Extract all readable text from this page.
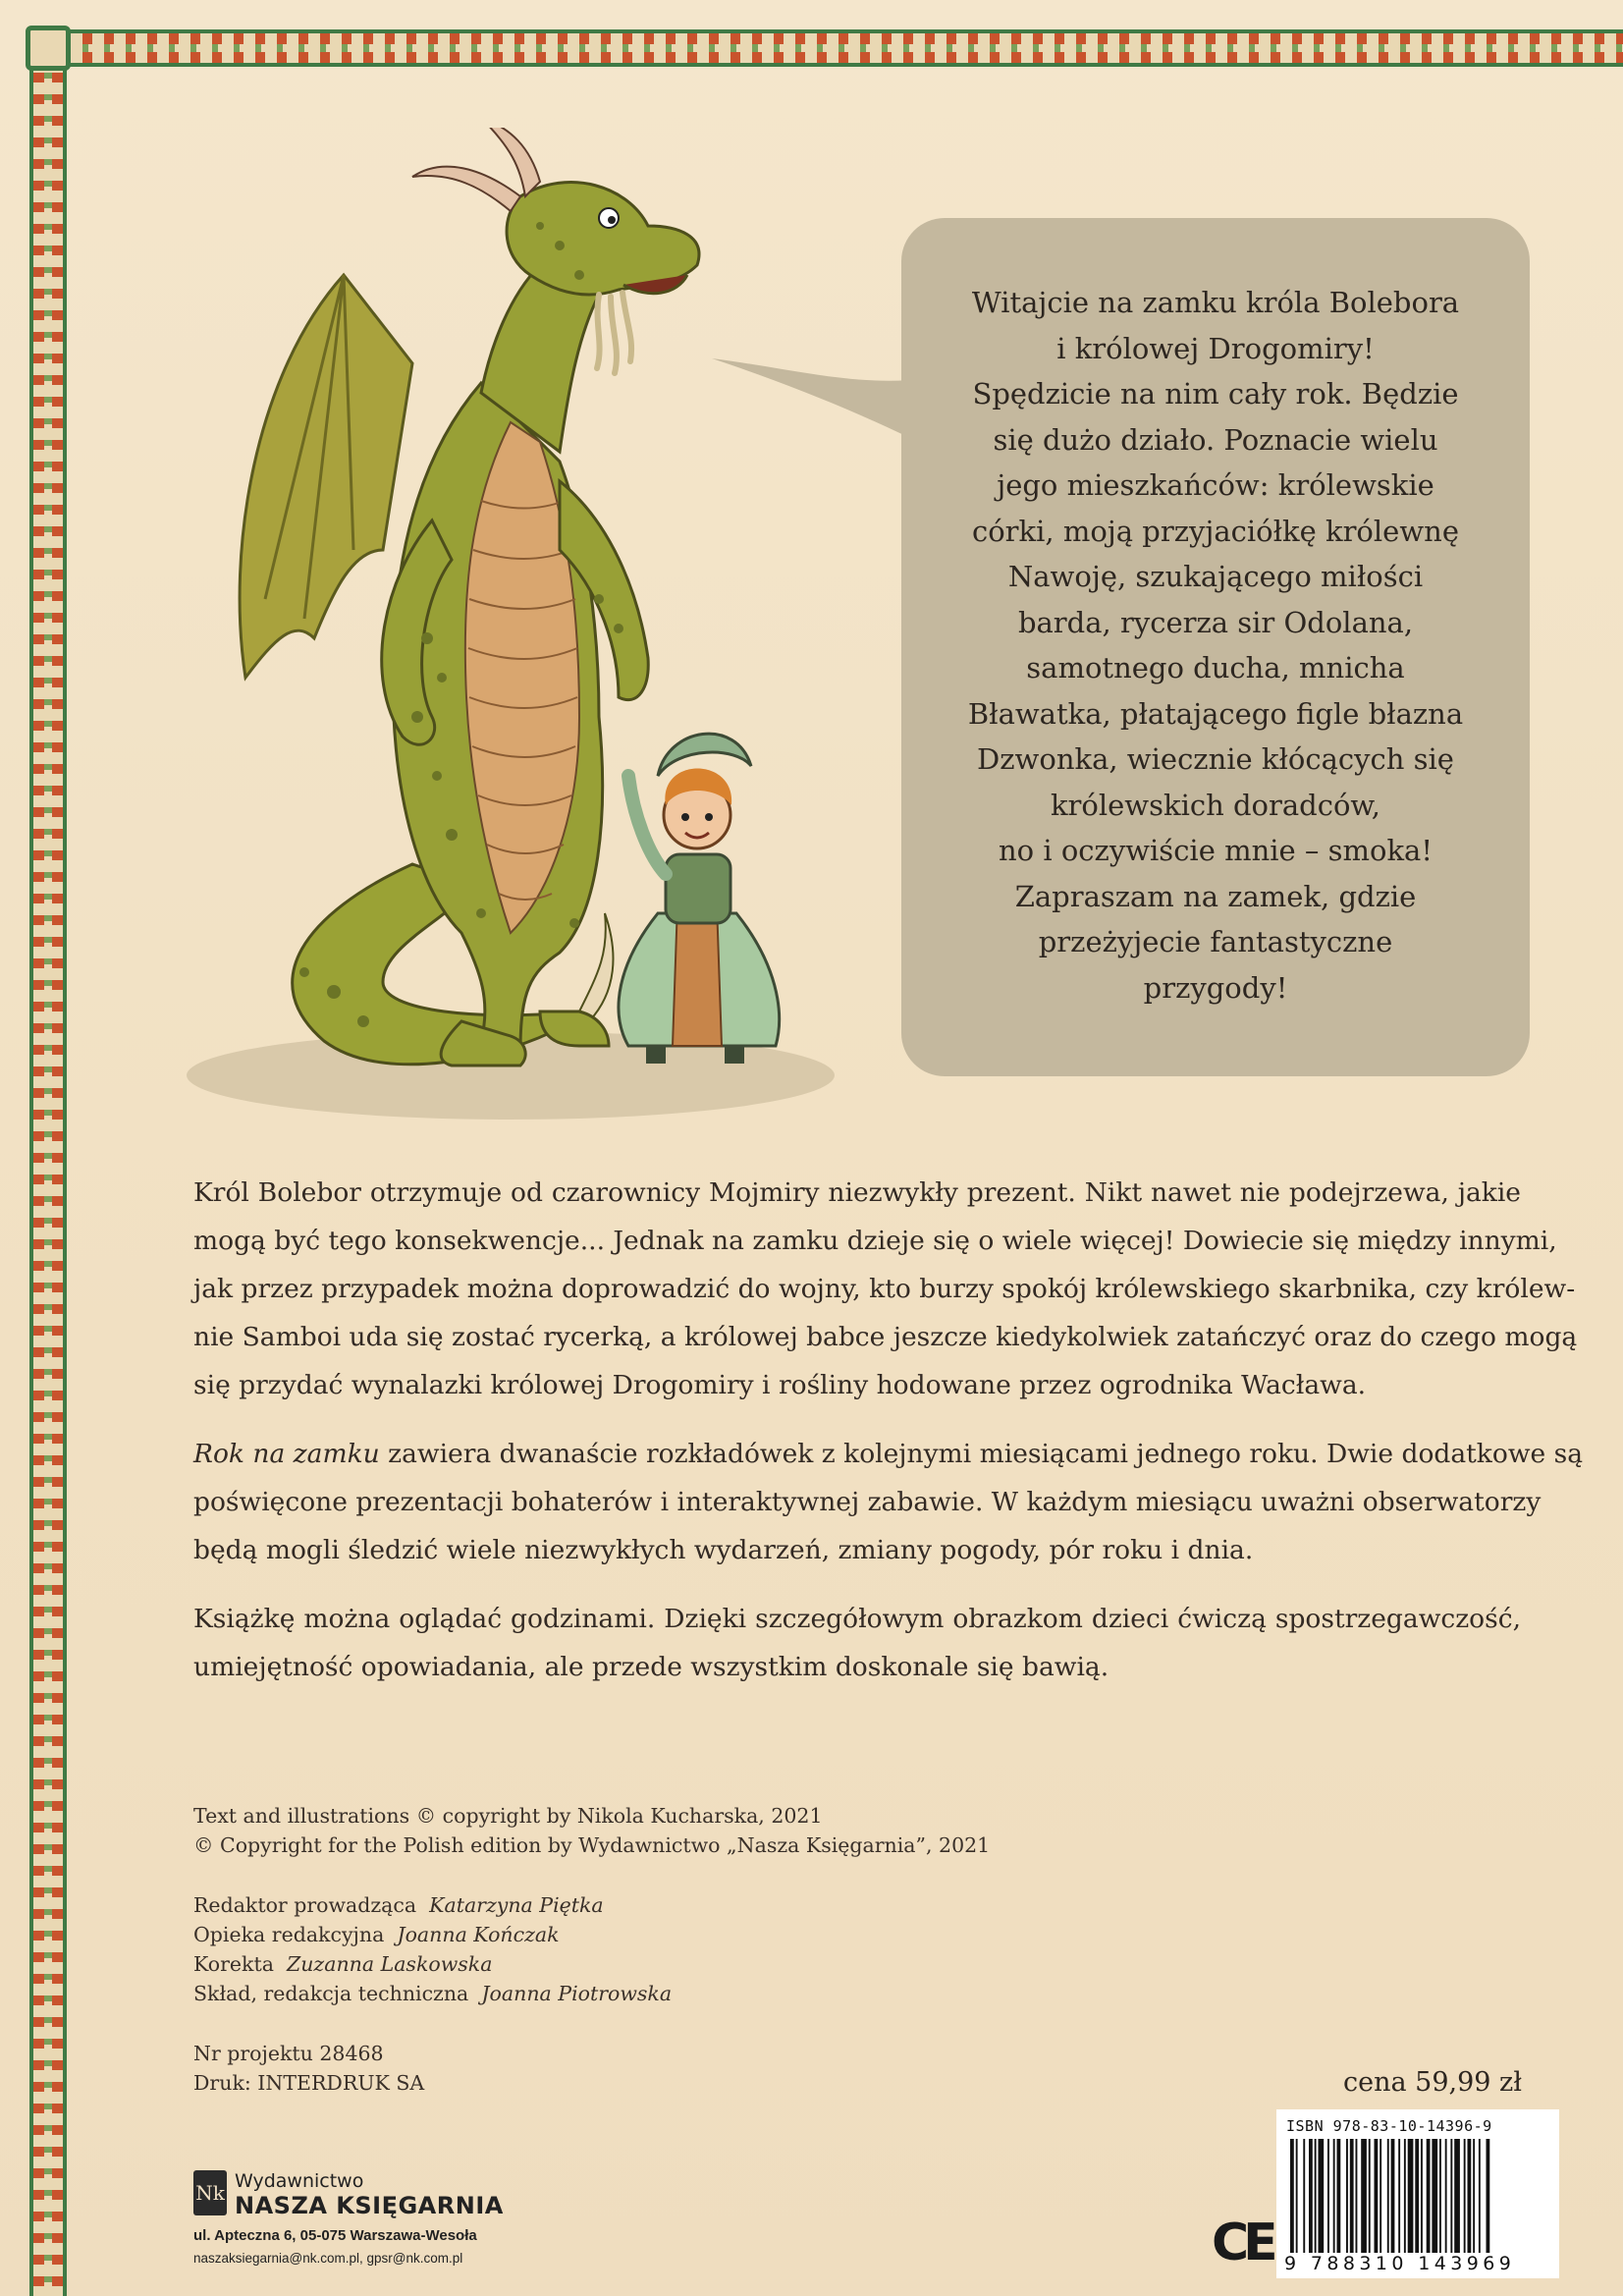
Witajcie na zamku króla Bolebora
i królowej Drogomiry!
Spędzicie na nim cały rok. Będzie
się dużo działo. Poznacie wielu
jego mieszkańców: królewskie
córki, moją przyjaciółkę królewnę
Nawoję, szukającego miłości
barda, rycerza sir Odolana,
samotnego ducha, mnicha
Bławatka, płatającego figle błazna
Dzwonka, wiecznie kłócących się
królewskich doradców,
no i oczywiście mnie – smoka!
Zapraszam na zamek, gdzie
przeżyjecie fantastyczne
przygody!
Król Bolebor otrzymuje od czarownicy Mojmiry niezwykły prezent. Nikt nawet nie podejrzewa, jakie
mogą być tego konsekwencje... Jednak na zamku dzieje się o wiele więcej! Dowiecie się między innymi,
jak przez przypadek można doprowadzić do wojny, kto burzy spokój królewskiego skarbnika, czy królew-
nie Samboi uda się zostać rycerką, a królowej babce jeszcze kiedykolwiek zatańczyć oraz do czego mogą
się przydać wynalazki królowej Drogomiry i rośliny hodowane przez ogrodnika Wacława.
Rok na zamku zawiera dwanaście rozkładówek z kolejnymi miesiącami jednego roku. Dwie dodatkowe są
poświęcone prezentacji bohaterów i interaktywnej zabawie. W każdym miesiącu uważni obserwatorzy
będą mogli śledzić wiele niezwykłych wydarzeń, zmiany pogody, pór roku i dnia.
Książkę można oglądać godzinami. Dzięki szczegółowym obrazkom dzieci ćwiczą spostrzegawczość,
umiejętność opowiadania, ale przede wszystkim doskonale się bawią.
Text and illustrations © copyright by Nikola Kucharska, 2021
© Copyright for the Polish edition by Wydawnictwo „Nasza Księgarnia”, 2021
Redaktor prowadząca Katarzyna Piętka
Opieka redakcyjna Joanna Kończak
Korekta Zuzanna Laskowska
Skład, redakcja techniczna Joanna Piotrowska
Nr projektu 28468
Druk: INTERDRUK SA	cena 59,99 zł
ISBN 978-83-10-14396-9
9 788310 143969
CE
Nk Wydawnictwo
NASZA KSIĘGARNIA
ul. Apteczna 6, 05-075 Warszawa-Wesoła
naszaksiegarnia@nk.com.pl, gpsr@nk.com.pl
